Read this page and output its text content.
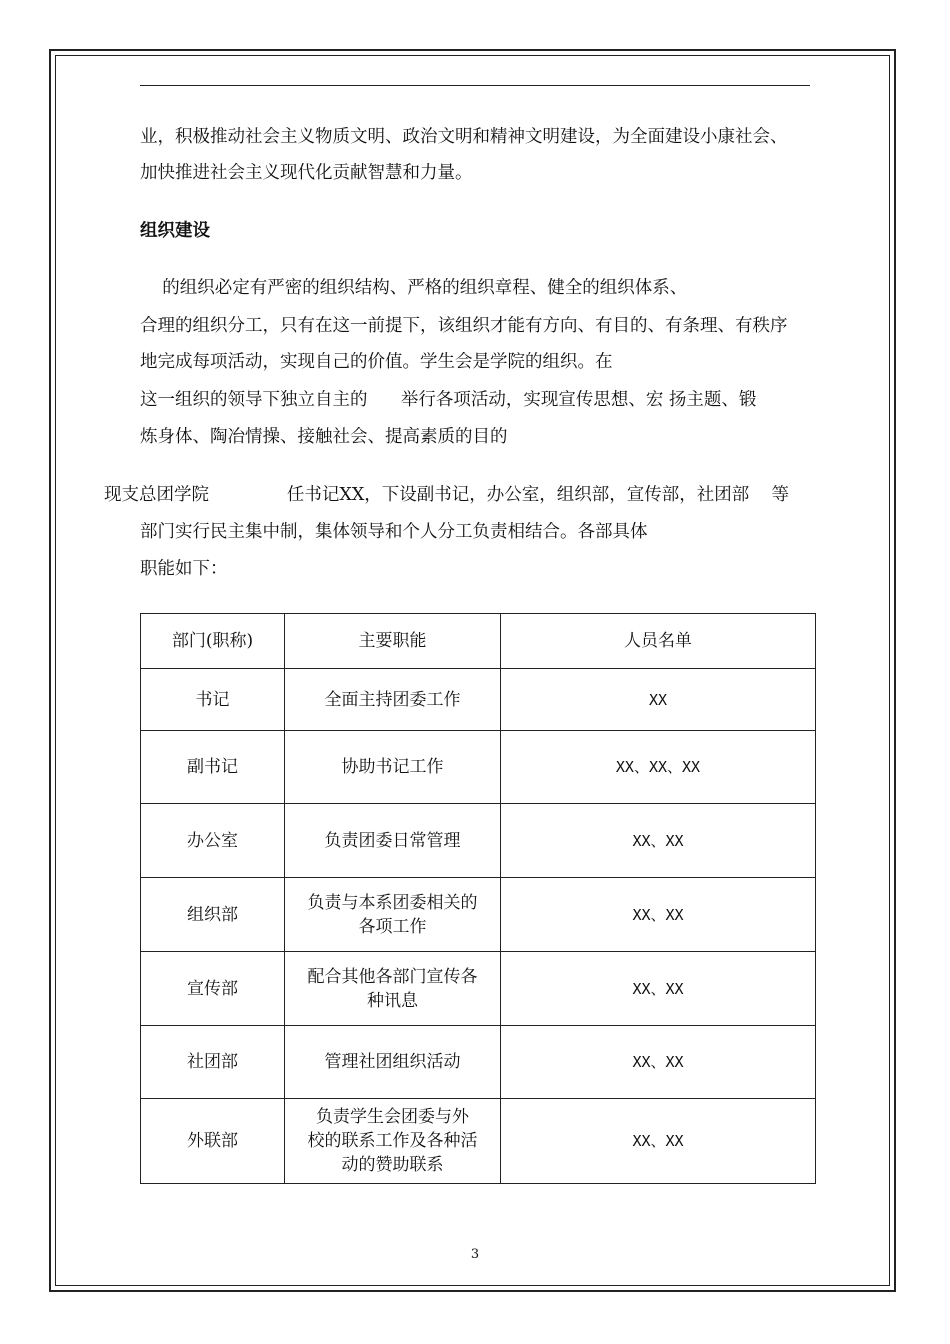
业，积极推动社会主义物质文明、政治文明和精神文明建设，为全面建设小康社会、
加快推进社会主义现代化贡献智慧和力量。
组织建设
的组织必定有严密的组织结构、严格的组织章程、健全的组织体系、
合理的组织分工，只有在这一前提下，该组织才能有方向、有目的、有条理、有秩序
地完成每项活动，实现自己的价值。学生会是学院的组织。在
这一组织的领导下独立自主的      举行各项活动，实现宣传思想、宏 扬主题、锻
炼身体、陶冶情操、接触社会、提高素质的目的
现支总团学院              任书记XX，下设副书记，办公室，组织部，宣传部，社团部    等
部门实行民主集中制，集体领导和个人分工负责相结合。各部具体
职能如下：
部门(职称)	主要职能	人员名单
书记	全面主持团委工作	XX
副书记	协助书记工作	XX、XX、XX
办公室	负责团委日常管理	XX、XX
组织部	负责与本系团委相关的
各项工作	XX、XX
宣传部	配合其他各部门宣传各
种讯息	XX、XX
社团部	管理社团组织活动	XX、XX
外联部	负责学生会团委与外
校的联系工作及各种活
动的赞助联系	XX、XX
3
